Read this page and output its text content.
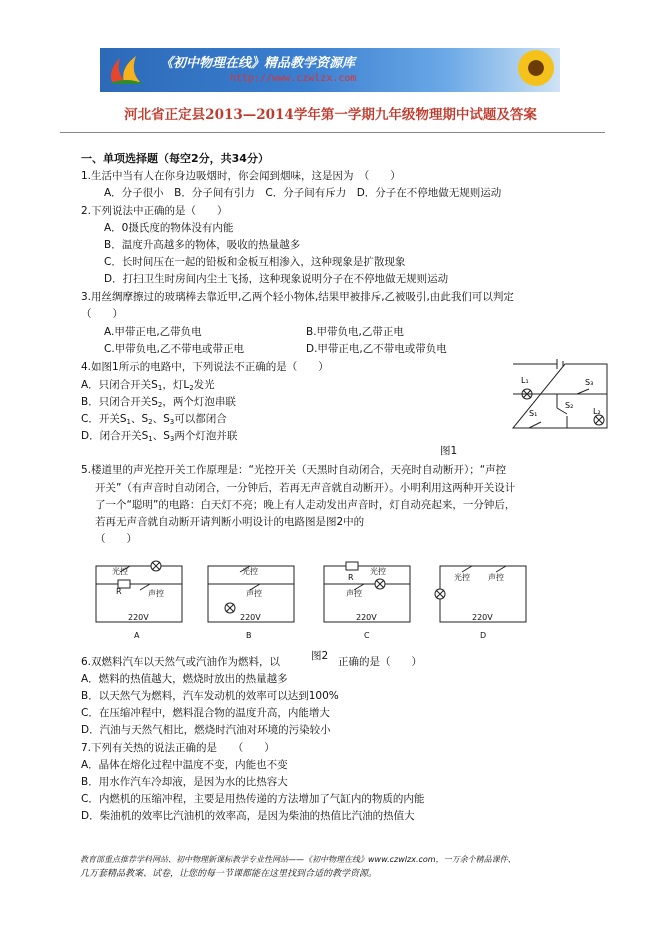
《初中物理在线》精品教学资源库
http://www.czwlzx.com
河北省正定县2013—2014学年第一学期九年级物理期中试题及答案
一、单项选择题（每空2分，共34分）
1.生活中当有人在你身边吸烟时，你会闻到烟味，这是因为　（　　）
A．分子很小　B．分子间有引力　C．分子间有斥力　D．分子在不停地做无规则运动
2.下列说法中正确的是（　　）
A．0摄氏度的物体没有内能
B．温度升高越多的物体，吸收的热量越多
C．长时间压在一起的铅板和金板互相渗入，这种现象是扩散现象
D．打扫卫生时房间内尘土飞扬，这种现象说明分子在不停地做无规则运动
3.用丝绸摩擦过的玻璃棒去靠近甲,乙两个轻小物体,结果甲被排斥,乙被吸引,由此我们可以判定
（　　）
A.甲带正电,乙带负电	B.甲带负电,乙带正电
C.甲带负电,乙不带电或带正电	D.甲带正电,乙不带电或带负电
4.如图1所示的电路中，下列说法不正确的是（　　）
A．只闭合开关$S_1$，灯$L_2$发光
B．只闭合开关$S_2$，两个灯泡串联
C．开关$S_1$、$S_2$、$S_3$可以都闭合
D．闭合开关$S_1$、$S_3$两个灯泡并联
L₁	S₃
S₁
S₂
L₂
图1
5.楼道里的声光控开关工作原理是：“光控开关（天黑时自动闭合，天亮时自动断开）；“声控
开关”（有声音时自动闭合，一分钟后，若再无声音就自动断开）。小明利用这两种开关设计
了一个“聪明”的电路：白天灯不亮；晚上有人走动发出声音时，灯自动亮起来，一分钟后，
若再无声音就自动断开请判断小明设计的电路图是图2中的
（　　）
光控
声控
R
220V
A
光控
声控
220V
B
R
光控
声控
220V
C
光控 声控
220V
D
6.双燃料汽车以天然气或汽油作为燃料，以	图2 正确的是（　　）
A．燃料的热值越大，燃烧时放出的热量越多
B．以天然气为燃料，汽车发动机的效率可以达到100%
C．在压缩冲程中，燃料混合物的温度升高，内能增大
D．汽油与天然气相比，燃烧时汽油对环境的污染较小
7.下列有关热的说法正确的是　　（　　）
A．晶体在熔化过程中温度不变，内能也不变
B．用水作汽车冷却液，是因为水的比热容大
C．内燃机的压缩冲程，主要是用热传递的方法增加了气缸内的物质的内能
D．柴油机的效率比汽油机的效率高，是因为柴油的热值比汽油的热值大
教育部重点推荐学科网站、初中物理新课标教学专业性网站——《初中物理在线》www.czwlzx.com，一万余个精品课件、
几万套精品教案、试卷，让您的每一节课都能在这里找到合适的教学资源。
